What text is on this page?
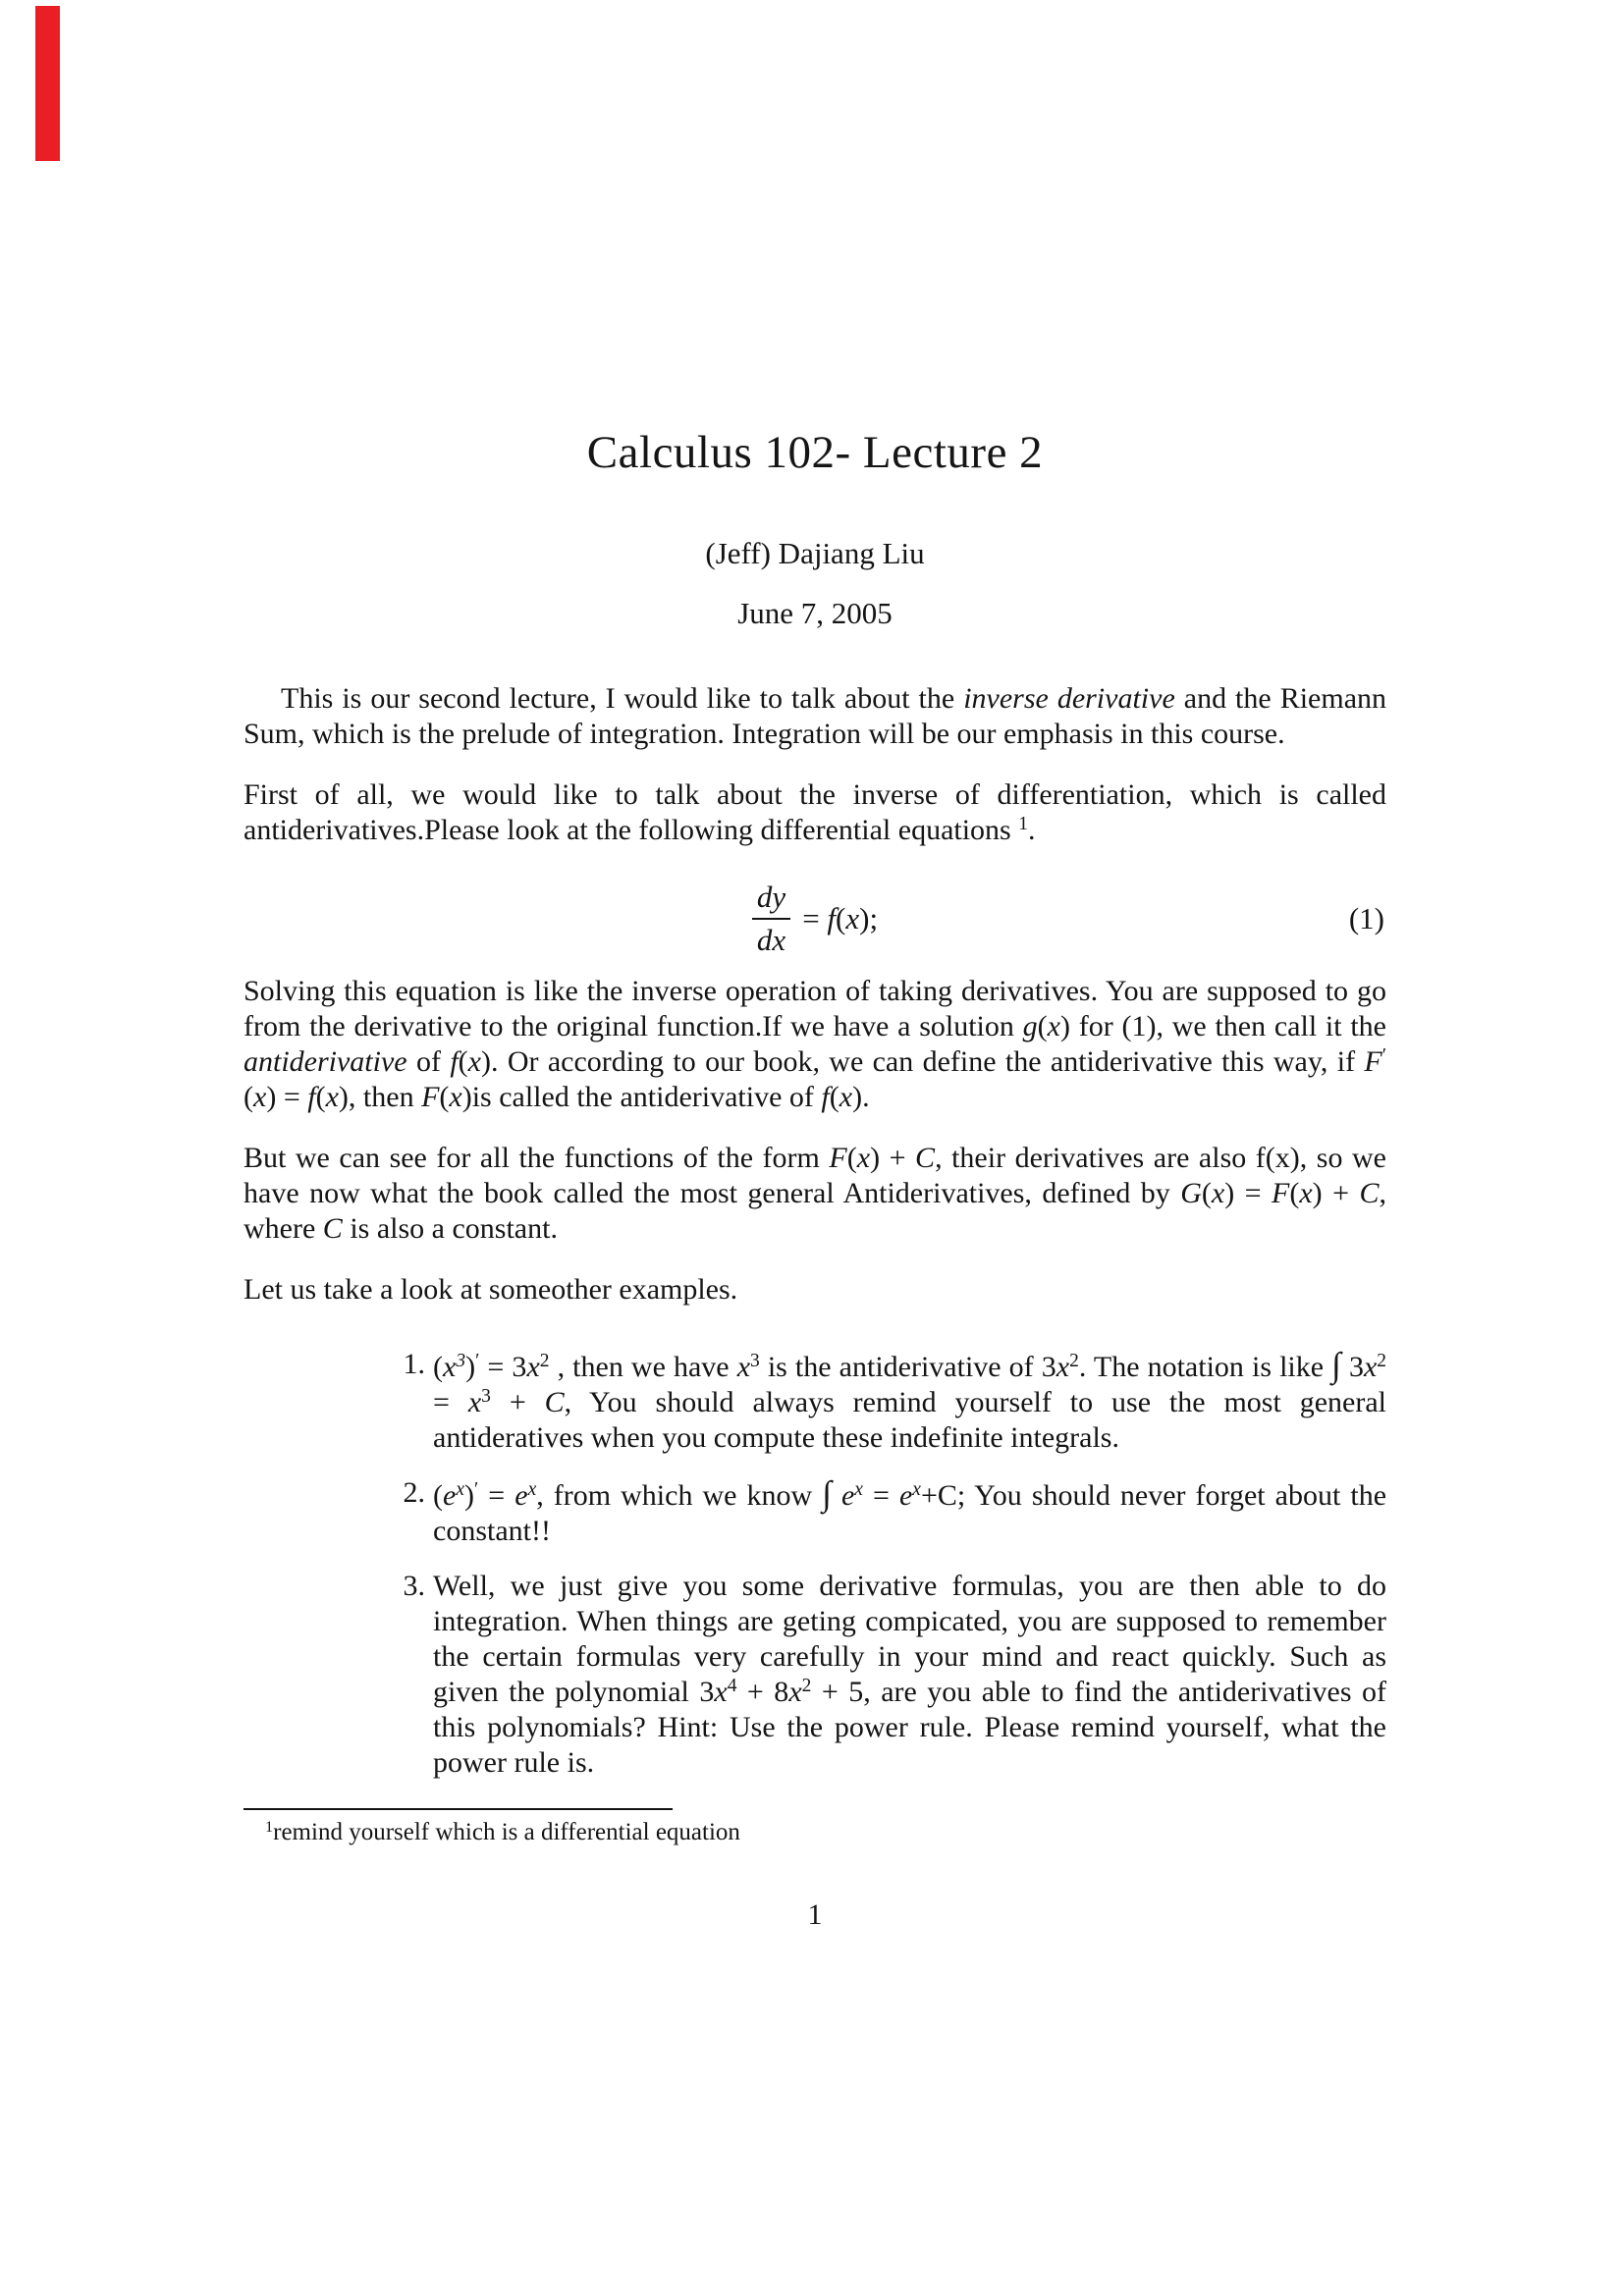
Calculus 102- Lecture 2
(Jeff) Dajiang Liu
June 7, 2005

This is our second lecture, I would like to talk about the inverse derivative and the Riemann Sum, which is the prelude of integration. Integration will be our emphasis in this course.

First of all, we would like to talk about the inverse of differentiation, which is called antiderivatives.Please look at the following differential equations $^1$.

$\frac{dy}{dx} = f(x)$;	(1)

Solving this equation is like the inverse operation of taking derivatives. You are supposed to go from the derivative to the original function.If we have a solution g(x) for (1), we then call it the antiderivative of f(x). Or according to our book, we can define the antiderivative this way, if F′(x) = f(x), then F(x)is called the antiderivative of f(x).

But we can see for all the functions of the form F(x) + C, their derivatives are also f(x), so we have now what the book called the most general Antiderivatives, defined by G(x) = F(x) + C, where C is also a constant.

Let us take a look at someother examples.

1. $(x^3)' = 3x^2$ , then we have $x^3$ is the antiderivative of $3x^2$. The notation is like ∫ $3x^2 = x^3 + C$, You should always remind yourself to use the most general antideratives when you compute these indefinite integrals.
2. $(e^x)' = e^x$, from which we know ∫ $e^x = e^x+C$; You should never forget about the constant!!
3. Well, we just give you some derivative formulas, you are then able to do integration. When things are geting compicated, you are supposed to remember the certain formulas very carefully in your mind and react quickly. Such as given the polynomial $3x^4 + 8x^2 + 5$, are you able to find the antiderivatives of this polynomials? Hint: Use the power rule. Please remind yourself, what the power rule is.
$^1$remind yourself which is a differential equation
1
